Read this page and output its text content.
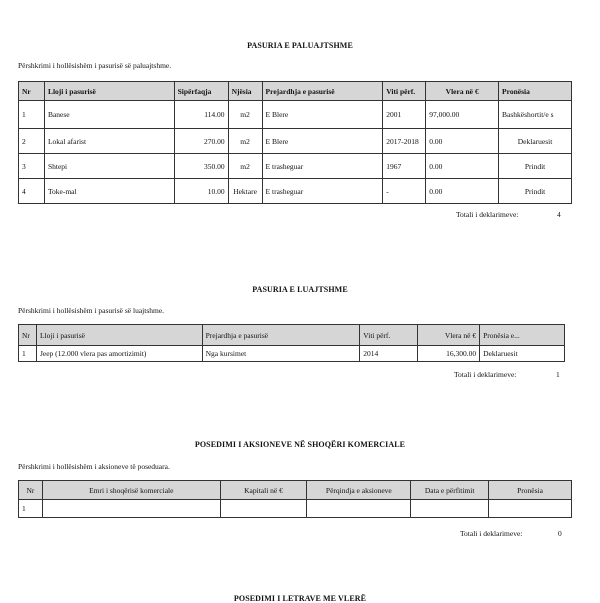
PASURIA E PALUAJTSHME
Përshkrimi i hollësishëm i pasurisë së paluajtshme.
Nr	Lloji i pasurisë	Sipërfaqja	Njësia	Prejardhja e pasurisë	Viti përf.	Vlera në €	Pronësia
1	Banese	114.00	m2	E Blere	2001	97,000.00	Bashkëshortit/e s
2	Lokal afarist	270.00	m2	E Blere	2017-2018	0.00	Deklaruesit
3	Shtepi	350.00	m2	E trasheguar	1967	0.00	Prindit
4	Toke-mal	10.00	Hektare	E trasheguar	-	0.00	Prindit
Totali i deklarimeve:	4
PASURIA E LUAJTSHME
Përshkrimi i hollësishëm i pasurisë së luajtshme.
Nr	Lloji i pasurisë	Prejardhja e pasurisë	Viti përf.	Vlera në €	Pronësia e...
1	Jeep (12.000 vlera pas amortizimit)	Nga kursimet	2014	16,300.00	Deklaruesit
Totali i deklarimeve:	1
POSEDIMI I AKSIONEVE NË SHOQËRI KOMERCIALE
Përshkrimi i hollësishëm i aksioneve të poseduara.
Nr	Emri i shoqërisë komerciale	Kapitali në €	Përqindja e aksioneve	Data e përfitimit	Pronësia
1					
Totali i deklarimeve:	0
POSEDIMI I LETRAVE ME VLERË
